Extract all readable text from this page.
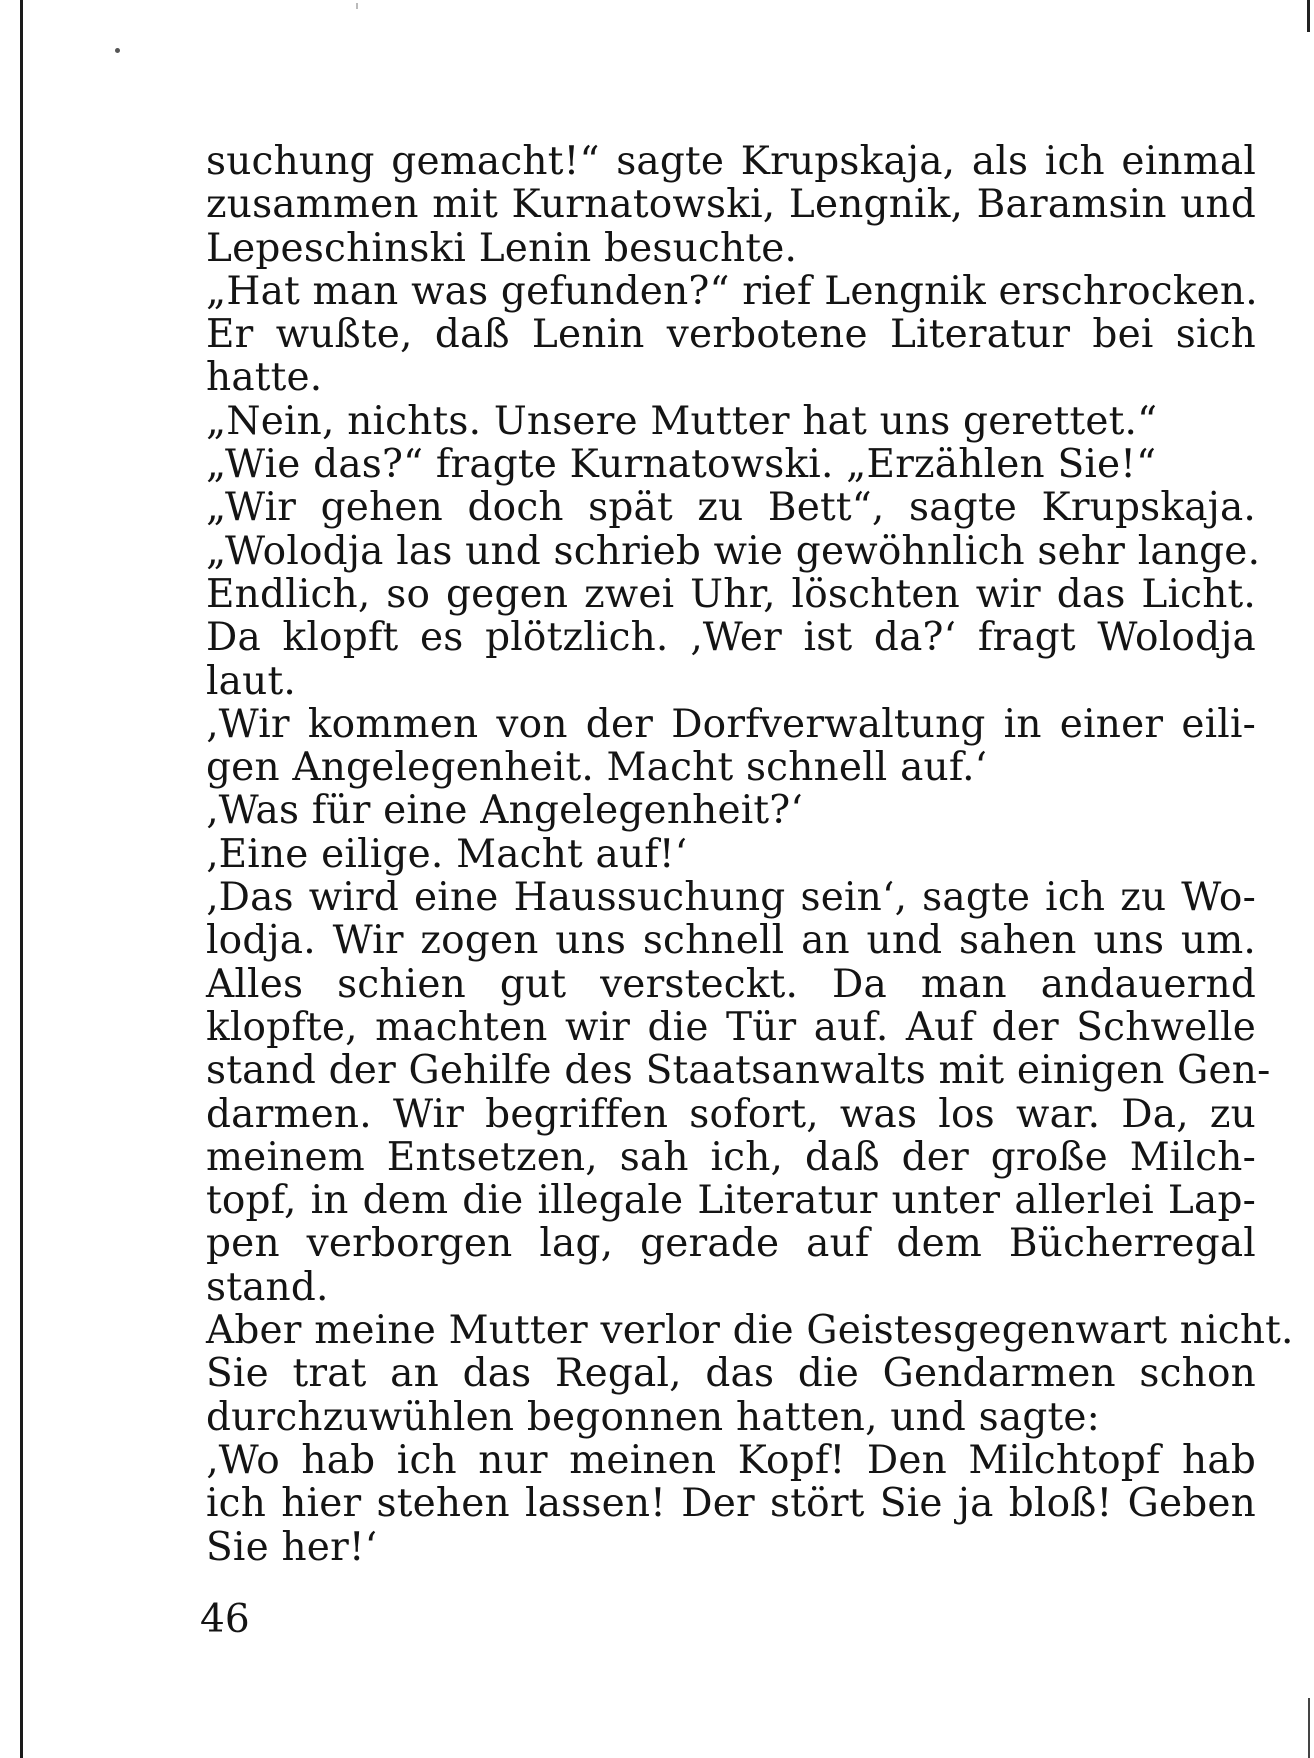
suchung gemacht!“ sagte Krupskaja, als ich einmal
zusammen mit Kurnatowski, Lengnik, Baramsin und
Lepeschinski Lenin besuchte.
„Hat man was gefunden?“ rief Lengnik erschrocken.
Er wußte, daß Lenin verbotene Literatur bei sich
hatte.
„Nein, nichts. Unsere Mutter hat uns gerettet.“
„Wie das?“ fragte Kurnatowski. „Erzählen Sie!“
„Wir gehen doch spät zu Bett“, sagte Krupskaja.
„Wolodja las und schrieb wie gewöhnlich sehr lange.
Endlich, so gegen zwei Uhr, löschten wir das Licht.
Da klopft es plötzlich. ‚Wer ist da?‘ fragt Wolodja
laut.
‚Wir kommen von der Dorfverwaltung in einer eili-
gen Angelegenheit. Macht schnell auf.‘
‚Was für eine Angelegenheit?‘
‚Eine eilige. Macht auf!‘
‚Das wird eine Haussuchung sein‘, sagte ich zu Wo-
lodja. Wir zogen uns schnell an und sahen uns um.
Alles schien gut versteckt. Da man andauernd
klopfte, machten wir die Tür auf. Auf der Schwelle
stand der Gehilfe des Staatsanwalts mit einigen Gen-
darmen. Wir begriffen sofort, was los war. Da, zu
meinem Entsetzen, sah ich, daß der große Milch-
topf, in dem die illegale Literatur unter allerlei Lap-
pen verborgen lag, gerade auf dem Bücherregal
stand.
Aber meine Mutter verlor die Geistesgegenwart nicht.
Sie trat an das Regal, das die Gendarmen schon
durchzuwühlen begonnen hatten, und sagte:
‚Wo hab ich nur meinen Kopf! Den Milchtopf hab
ich hier stehen lassen! Der stört Sie ja bloß! Geben
Sie her!‘
46
